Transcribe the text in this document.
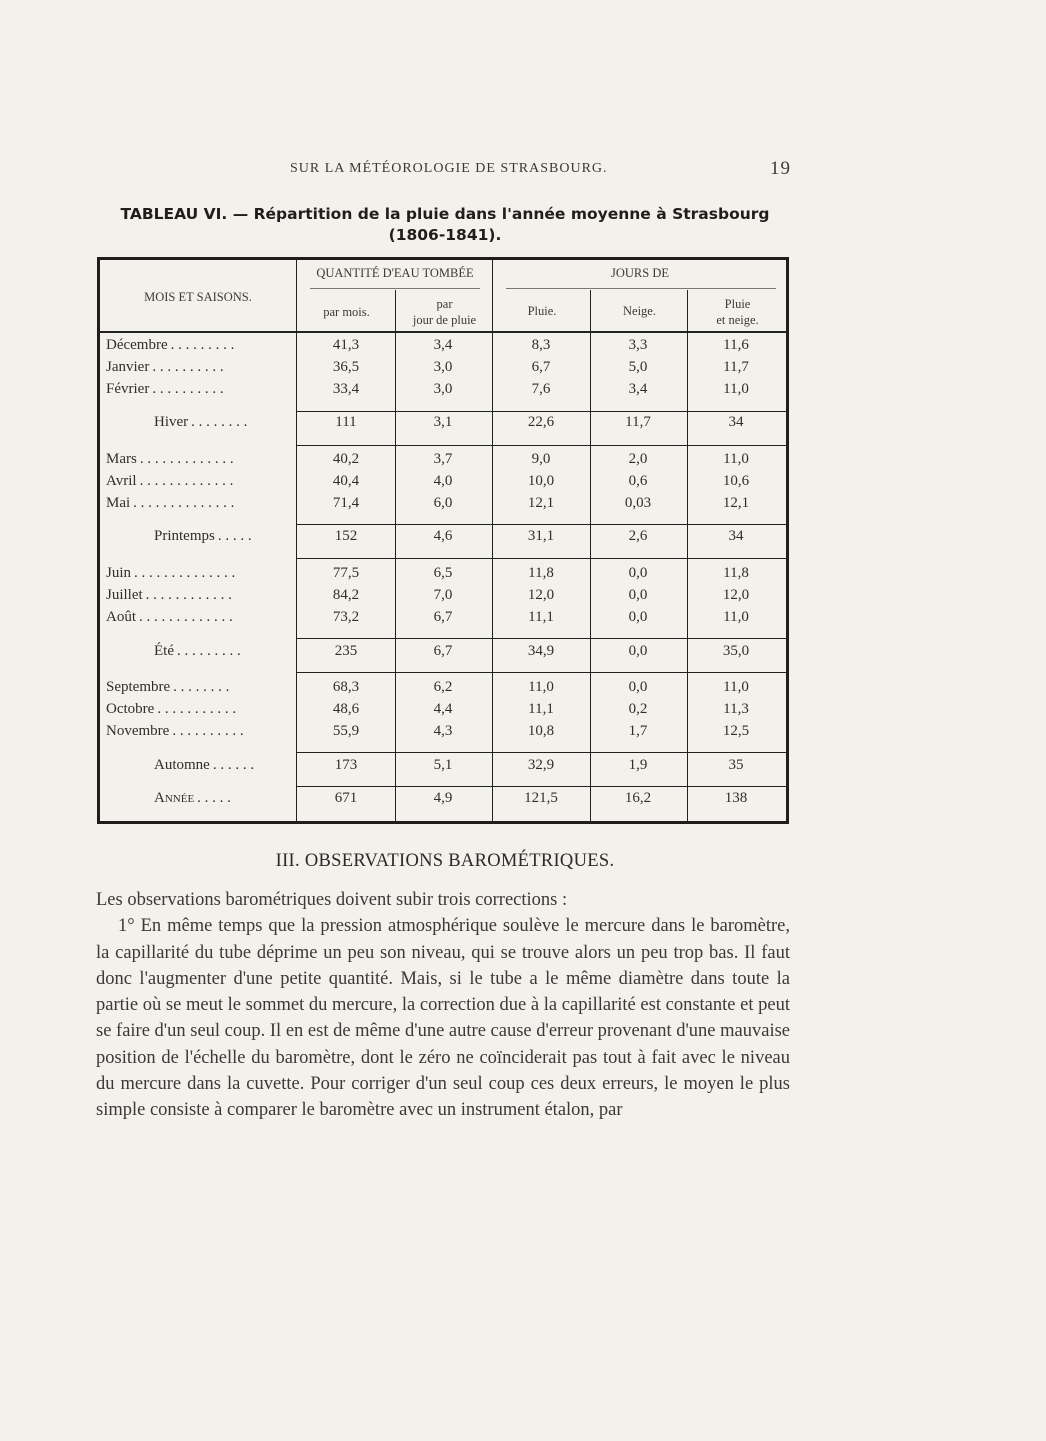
SUR LA MÉTÉOROLOGIE DE STRASBOURG.	19
TABLEAU VI. — Répartition de la pluie dans l'année moyenne à Strasbourg
(1806-1841).
MOIS ET SAISONS.
QUANTITÉ D'EAU TOMBÉE	JOURS DE
par mois.
par
jour de pluie
Pluie.	Neige.	Pluie
et neige.
Décembre . . . . . . . . .	41,3	3,4	8,3	3,3	11,6
Janvier . . . . . . . . . .	36,5	3,0	6,7	5,0	11,7
Février . . . . . . . . . .	33,4	3,0	7,6	3,4	11,0
Hiver . . . . . . . .	111	3,1	22,6	11,7	34
Mars . . . . . . . . . . . . .	40,2	3,7	9,0	2,0	11,0
Avril . . . . . . . . . . . . .	40,4	4,0	10,0	0,6	10,6
Mai . . . . . . . . . . . . . .	71,4	6,0	12,1	0,03	12,1
Printemps . . . . .	152	4,6	31,1	2,6	34
Juin . . . . . . . . . . . . . .	77,5	6,5	11,8	0,0	11,8
Juillet . . . . . . . . . . . .	84,2	7,0	12,0	0,0	12,0
Août . . . . . . . . . . . . .	73,2	6,7	11,1	0,0	11,0
Été . . . . . . . . .	235	6,7	34,9	0,0	35,0
Septembre . . . . . . . .	68,3	6,2	11,0	0,0	11,0
Octobre . . . . . . . . . . .	48,6	4,4	11,1	0,2	11,3
Novembre . . . . . . . . . .	55,9	4,3	10,8	1,7	12,5
Automne . . . . . .	173	5,1	32,9	1,9	35
Année . . . . .	671	4,9	121,5	16,2	138
III. OBSERVATIONS BAROMÉTRIQUES.

Les observations barométriques doivent subir trois corrections :

1° En même temps que la pression atmosphérique soulève le mercure dans le baromètre, la capillarité du tube déprime un peu son niveau, qui se trouve alors un peu trop bas. Il faut donc l'augmenter d'une petite quantité. Mais, si le tube a le même diamètre dans toute la partie où se meut le sommet du mercure, la correction due à la capillarité est constante et peut se faire d'un seul coup. Il en est de même d'une autre cause d'erreur provenant d'une mauvaise position de l'échelle du baromètre, dont le zéro ne coïnciderait pas tout à fait avec le niveau du mercure dans la cuvette. Pour corriger d'un seul coup ces deux erreurs, le moyen le plus simple consiste à comparer le baromètre avec un instrument étalon, par
